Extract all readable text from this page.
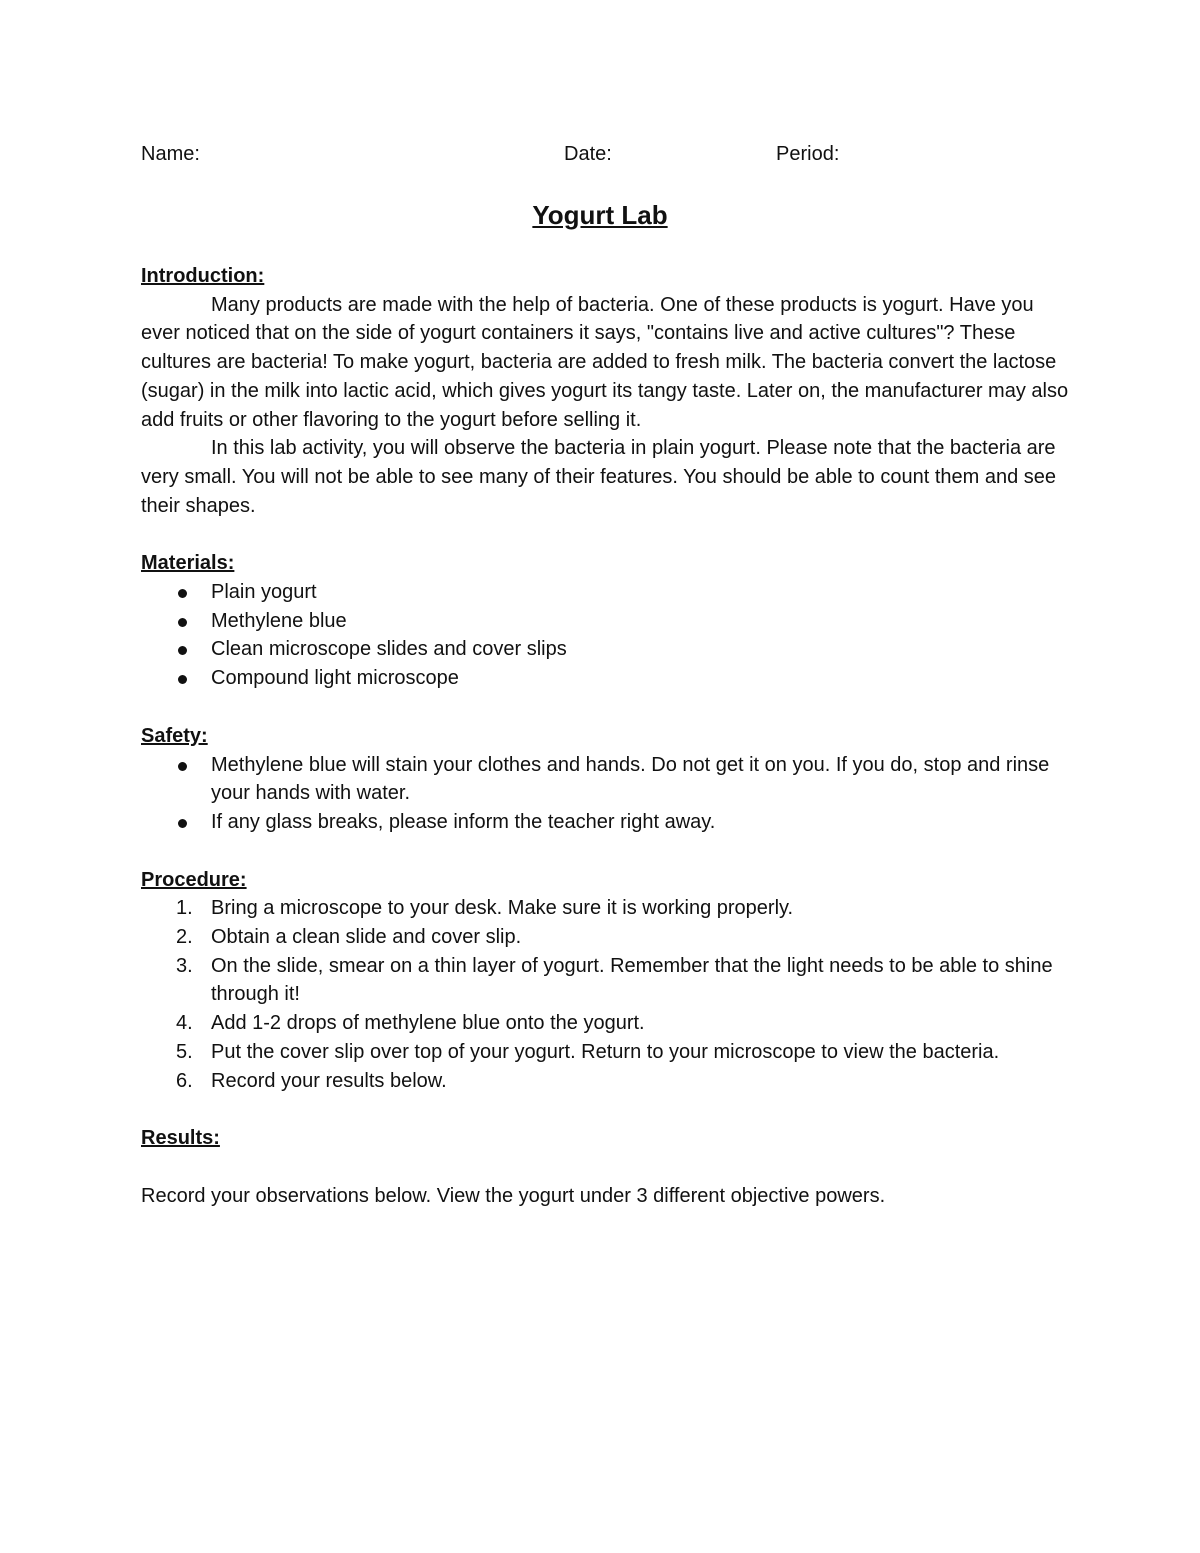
Name:	Date:	Period:
Yogurt Lab

Introduction:

Many products are made with the help of bacteria. One of these products is yogurt. Have you ever noticed that on the side of yogurt containers it says, "contains live and active cultures"? These cultures are bacteria! To make yogurt, bacteria are added to fresh milk. The bacteria convert the lactose (sugar) in the milk into lactic acid, which gives yogurt its tangy taste. Later on, the manufacturer may also add fruits or other flavoring to the yogurt before selling it.

In this lab activity, you will observe the bacteria in plain yogurt. Please note that the bacteria are very small. You will not be able to see many of their features. You should be able to count them and see their shapes.

Materials:

Plain yogurt
Methylene blue
Clean microscope slides and cover slips
Compound light microscope

Safety:

Methylene blue will stain your clothes and hands. Do not get it on you. If you do, stop and rinse your hands with water.
If any glass breaks, please inform the teacher right away.

Procedure:

1. Bring a microscope to your desk. Make sure it is working properly.
2. Obtain a clean slide and cover slip.
3. On the slide, smear on a thin layer of yogurt. Remember that the light needs to be able to shine through it!
4. Add 1-2 drops of methylene blue onto the yogurt.
5. Put the cover slip over top of your yogurt. Return to your microscope to view the bacteria.
6. Record your results below.

Results:

Record your observations below. View the yogurt under 3 different objective powers.
